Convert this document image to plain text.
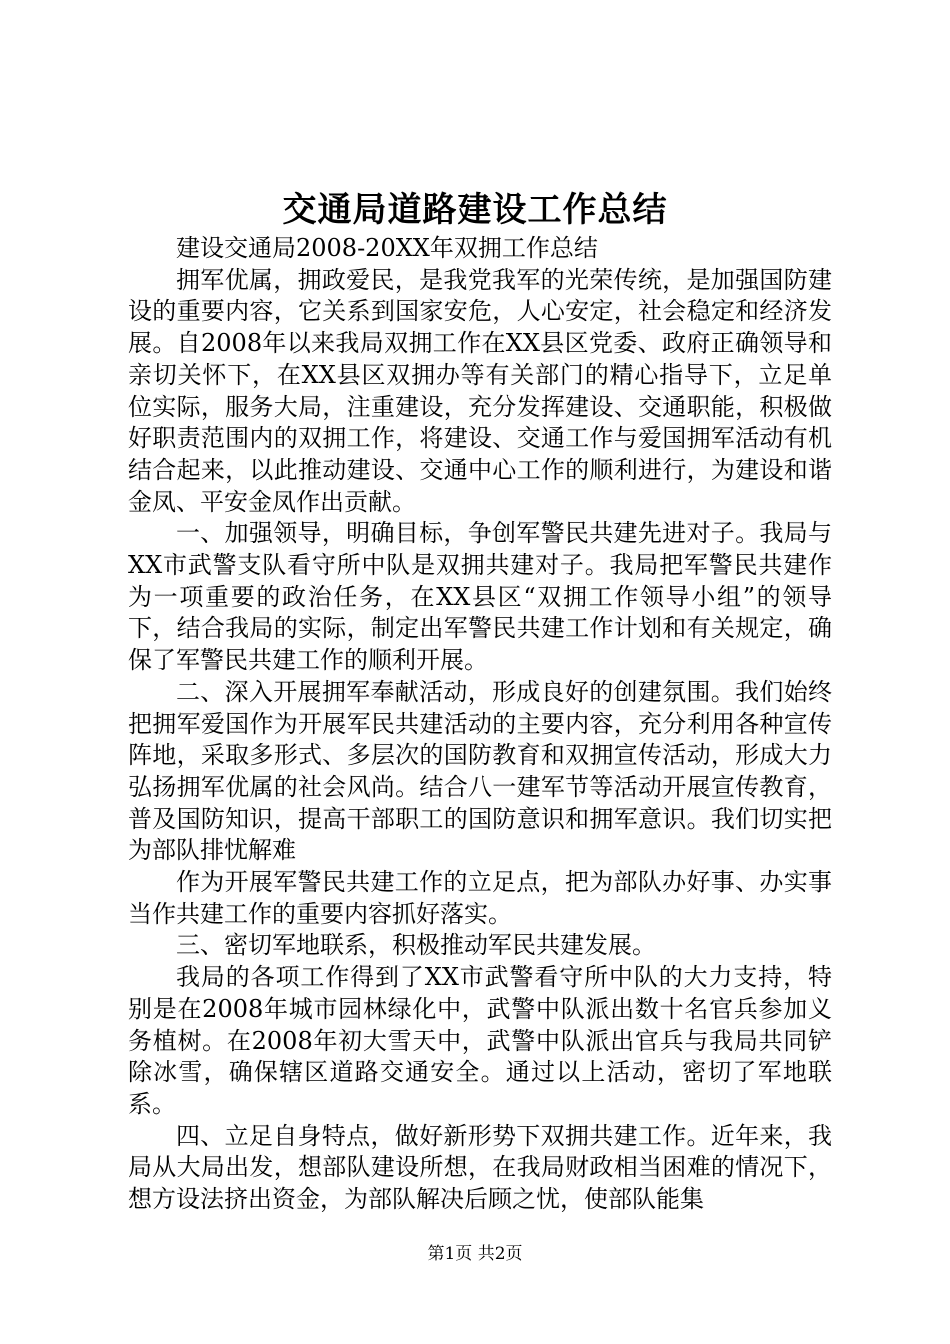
交通局道路建设工作总结

建设交通局2008-20XX年双拥工作总结

拥军优属，拥政爱民，是我党我军的光荣传统，是加强国防建设的重要内容，它关系到国家安危，人心安定，社会稳定和经济发展。自2008年以来我局双拥工作在XX县区党委、政府正确领导和亲切关怀下，在XX县区双拥办等有关部门的精心指导下，立足单位实际，服务大局，注重建设，充分发挥建设、交通职能，积极做好职责范围内的双拥工作，将建设、交通工作与爱国拥军活动有机结合起来，以此推动建设、交通中心工作的顺利进行，为建设和谐金凤、平安金凤作出贡献。

一、加强领导，明确目标，争创军警民共建先进对子。我局与XX市武警支队看守所中队是双拥共建对子。我局把军警民共建作为一项重要的政治任务，在XX县区“双拥工作领导小组”的领导下，结合我局的实际，制定出军警民共建工作计划和有关规定，确保了军警民共建工作的顺利开展。

二、深入开展拥军奉献活动，形成良好的创建氛围。我们始终把拥军爱国作为开展军民共建活动的主要内容，充分利用各种宣传阵地，采取多形式、多层次的国防教育和双拥宣传活动，形成大力弘扬拥军优属的社会风尚。结合八一建军节等活动开展宣传教育，普及国防知识，提高干部职工的国防意识和拥军意识。我们切实把为部队排忧解难

作为开展军警民共建工作的立足点，把为部队办好事、办实事当作共建工作的重要内容抓好落实。

三、密切军地联系，积极推动军民共建发展。

我局的各项工作得到了XX市武警看守所中队的大力支持，特别是在2008年城市园林绿化中，武警中队派出数十名官兵参加义务植树。在2008年初大雪天中，武警中队派出官兵与我局共同铲除冰雪，确保辖区道路交通安全。通过以上活动，密切了军地联系。

四、立足自身特点，做好新形势下双拥共建工作。近年来，我局从大局出发，想部队建设所想，在我局财政相当困难的情况下，想方设法挤出资金，为部队解决后顾之忧，使部队能集

第1页 共2页
